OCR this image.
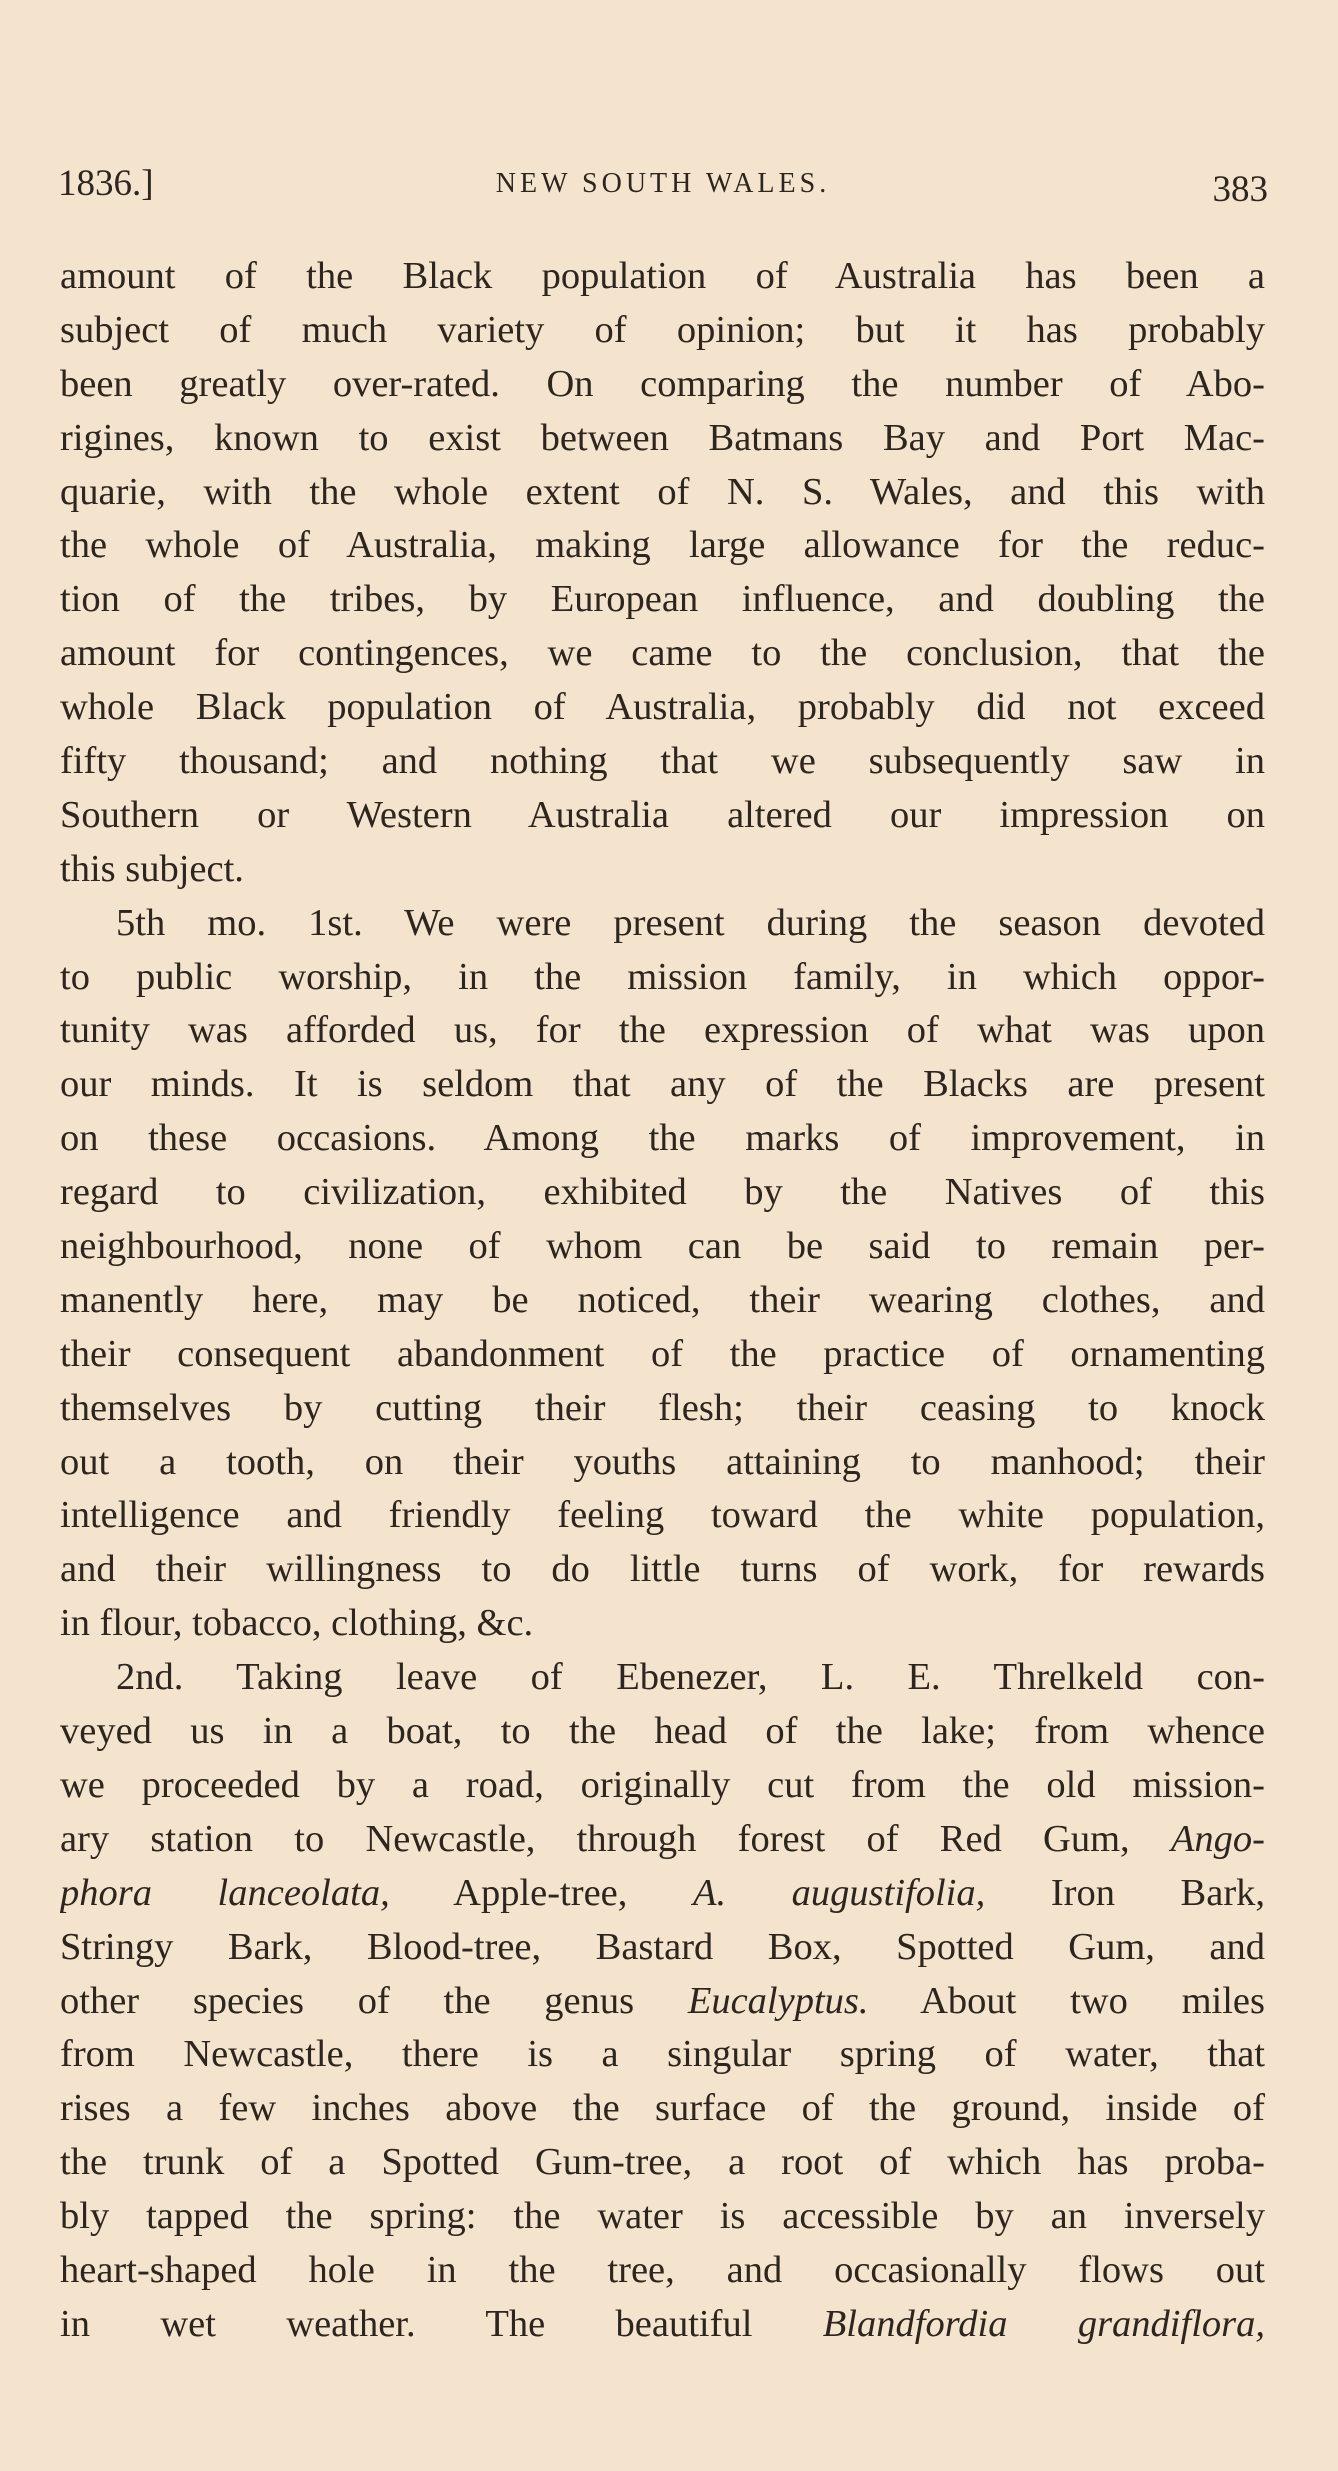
1836.]	NEW SOUTH WALES.	383
amount of the Black population of Australia has been a
subject of much variety of opinion; but it has probably
been greatly over-rated. On comparing the number of Abo-
rigines, known to exist between Batmans Bay and Port Mac-
quarie, with the whole extent of N. S. Wales, and this with
the whole of Australia, making large allowance for the reduc-
tion of the tribes, by European influence, and doubling the
amount for contingences, we came to the conclusion, that the
whole Black population of Australia, probably did not exceed
fifty thousand; and nothing that we subsequently saw in
Southern or Western Australia altered our impression on
this subject.
5th mo. 1st. We were present during the season devoted
to public worship, in the mission family, in which oppor-
tunity was afforded us, for the expression of what was upon
our minds. It is seldom that any of the Blacks are present
on these occasions. Among the marks of improvement, in
regard to civilization, exhibited by the Natives of this
neighbourhood, none of whom can be said to remain per-
manently here, may be noticed, their wearing clothes, and
their consequent abandonment of the practice of ornamenting
themselves by cutting their flesh; their ceasing to knock
out a tooth, on their youths attaining to manhood; their
intelligence and friendly feeling toward the white population,
and their willingness to do little turns of work, for rewards
in flour, tobacco, clothing, &c.
2nd. Taking leave of Ebenezer, L. E. Threlkeld con-
veyed us in a boat, to the head of the lake; from whence
we proceeded by a road, originally cut from the old mission-
ary station to Newcastle, through forest of Red Gum, Ango-
phora lanceolata, Apple-tree, A. augustifolia, Iron Bark,
Stringy Bark, Blood-tree, Bastard Box, Spotted Gum, and
other species of the genus Eucalyptus. About two miles
from Newcastle, there is a singular spring of water, that
rises a few inches above the surface of the ground, inside of
the trunk of a Spotted Gum-tree, a root of which has proba-
bly tapped the spring: the water is accessible by an inversely
heart-shaped hole in the tree, and occasionally flows out
in wet weather. The beautiful Blandfordia grandiflora,
